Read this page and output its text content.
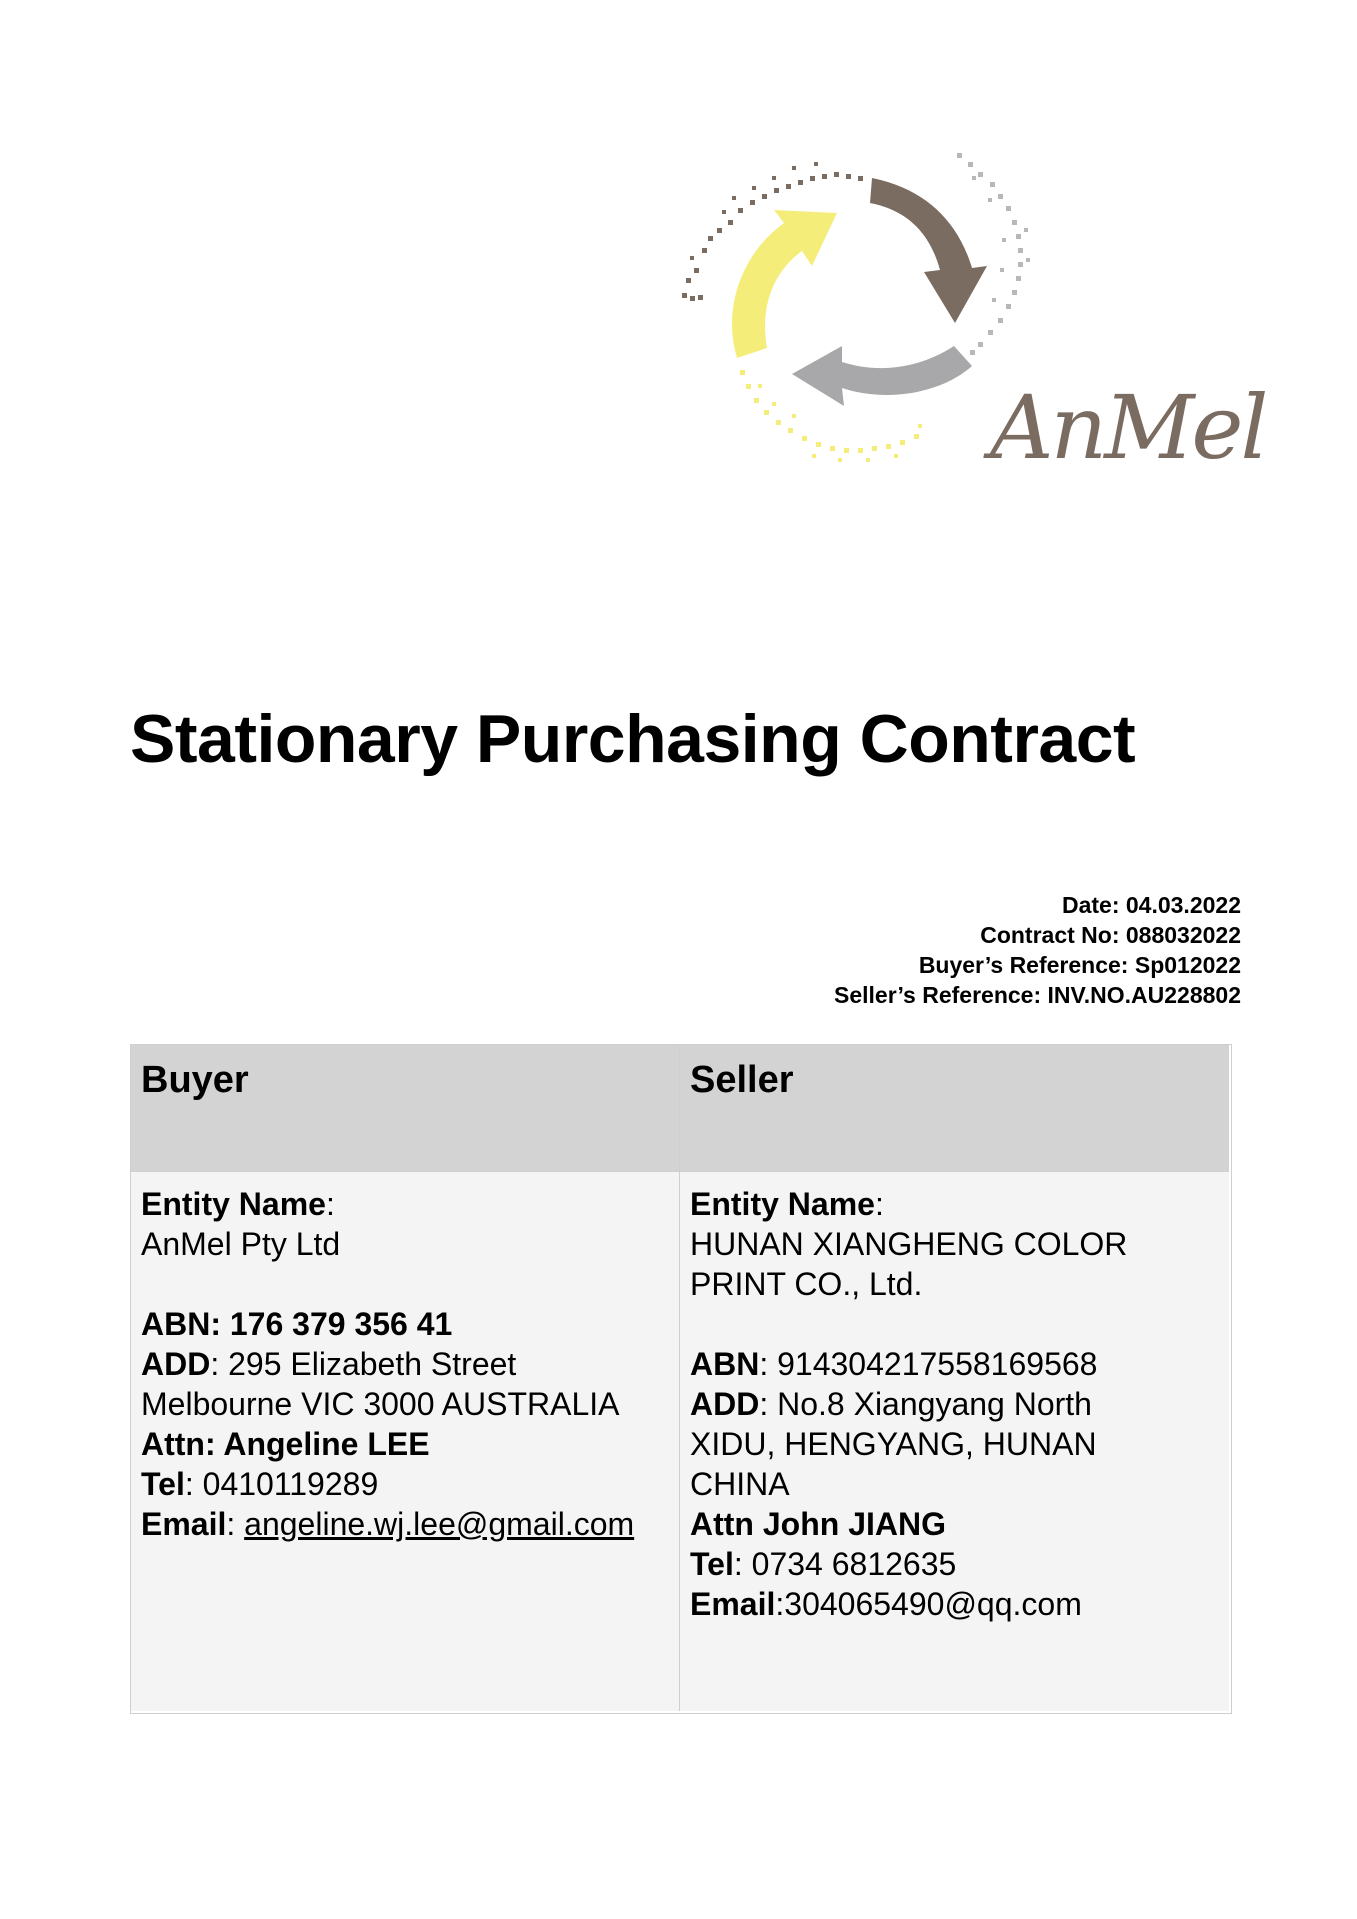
AnMel
Stationary Purchasing Contract
Date: 04.03.2022
Contract No: 088032022
Buyer’s Reference: Sp012022
Seller’s Reference: INV.NO.AU228802
Buyer	Seller
Entity Name:
AnMel Pty Ltd
ABN: 176 379 356 41
ADD: 295 Elizabeth Street
Melbourne VIC 3000 AUSTRALIA
Attn: Angeline LEE
Tel: 0410119289
Email: angeline.wj.lee@gmail.com
Entity Name:
HUNAN XIANGHENG COLOR
PRINT CO., Ltd.
ABN: 914304217558169568
ADD: No.8 Xiangyang North
XIDU, HENGYANG, HUNAN
CHINA
Attn John JIANG
Tel: 0734 6812635
Email:304065490@qq.com
